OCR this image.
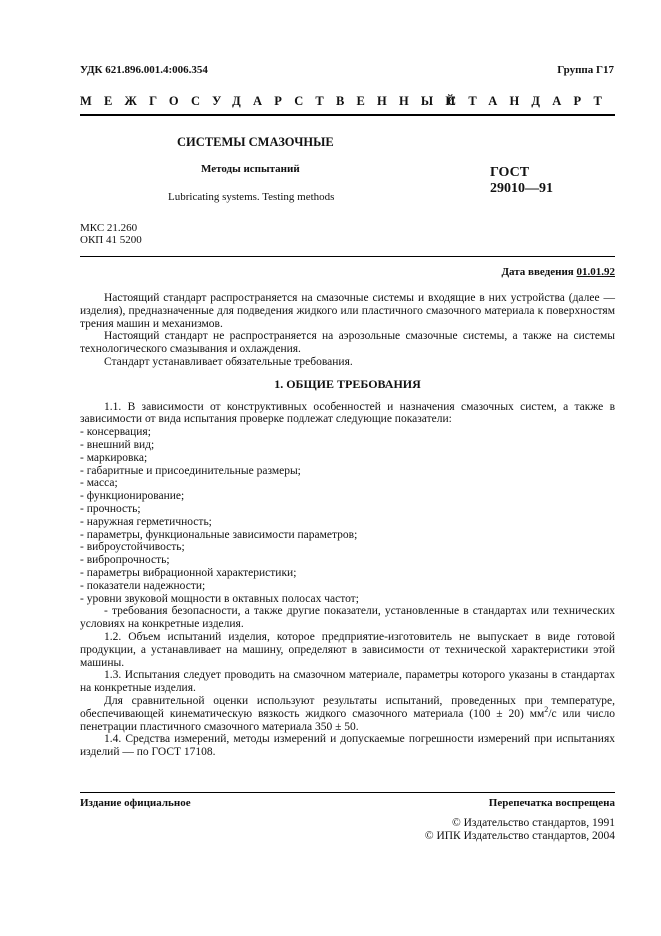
УДК 621.896.001.4:006.354	Группа Г17
МЕЖГОСУДАРСТВЕННЫЙ
СТАНДАРТ
СИСТЕМЫ СМАЗОЧНЫЕ
Методы испытаний
Lubricating systems. Testing methods
ГОСТ
29010—91
МКС 21.260
ОКП 41 5200
Дата введения 01.01.92

Настоящий стандарт распространяется на смазочные системы и входящие в них устройства (далее — изделия), предназначенные для подведения жидкого или пластичного смазочного материала к поверхностям трения машин и механизмов.

Настоящий стандарт не распространяется на аэрозольные смазочные системы, а также на системы технологического смазывания и охлаждения.

Стандарт устанавливает обязательные требования.

1. ОБЩИЕ ТРЕБОВАНИЯ

1.1. В зависимости от конструктивных особенностей и назначения смазочных систем, а также в зависимости от вида испытания проверке подлежат следующие показатели:

- консервация;
- внешний вид;
- маркировка;
- габаритные и присоединительные размеры;
- масса;
- функционирование;
- прочность;
- наружная герметичность;
- параметры, функциональные зависимости параметров;
- виброустойчивость;
- вибропрочность;
- параметры вибрационной характеристики;
- показатели надежности;
- уровни звуковой мощности в октавных полосах частот;

- требования безопасности, а также другие показатели, установленные в стандартах или технических условиях на конкретные изделия.

1.2. Объем испытаний изделия, которое предприятие-изготовитель не выпускает в виде готовой продукции, а устанавливает на машину, определяют в зависимости от технической характеристики этой машины.

1.3. Испытания следует проводить на смазочном материале, параметры которого указаны в стандартах на конкретные изделия.

Для сравнительной оценки используют результаты испытаний, проведенных при температуре, обеспечивающей кинематическую вязкость жидкого смазочного материала (100 ± 20) $мм^2/с$ или число пенетрации пластичного смазочного материала 350 ± 50.

1.4. Средства измерений, методы измерений и допускаемые погрешности измерений при испытаниях изделий — по ГОСТ 17108.

Издание официальное	Перепечатка воспрещена
© Издательство стандартов, 1991
© ИПК Издательство стандартов, 2004
